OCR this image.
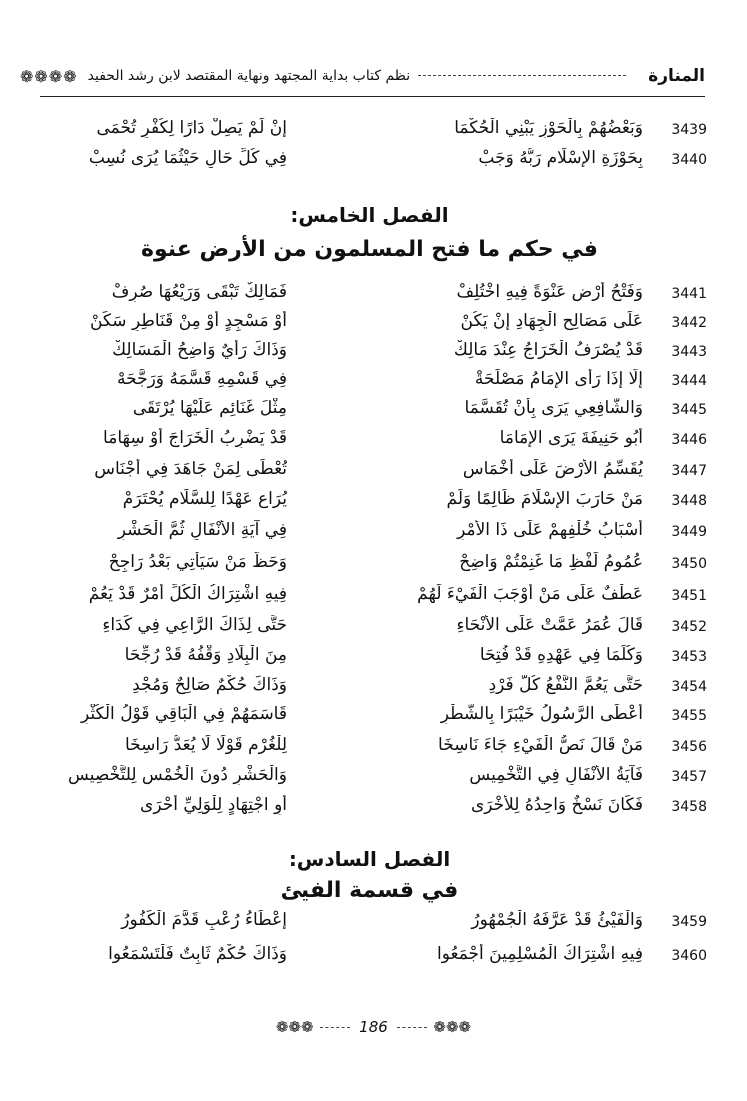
المنارة
نظم كتاب بداية المجتهد ونهاية المقتصد لابن رشد الحفيد
❁❁❁❁
3439
وَبَعْضُهُمْ بِالْحَوْزِ يَبْنِي الْحُكْمَا
إِنْ لَمْ يَصِلْ دَارًا لِكُفْرٍ تُحْمَى
3440
بِحَوْزَةِ الإِسْلَامِ رَبُّهُ وَجَبْ
فِي كُلِّ حَالٍ حَيْثُمَا يُرَى نُسِبْ
الفصل الخامس:
في حكم ما فتح المسلمون من الأرض عنوة
3441
وَفَتْحُ أَرْضٍ عَنْوَةً فِيهِ اخْتُلِفْ
فَمَالِكٌ تَبْقَى وَرَيْعُهَا صُرِفْ
3442
عَلَى مَصَالِحِ الْجِهَادِ إِنْ يَكُنْ
أَوْ مَسْجِدٍ أَوْ مِنْ قَنَاطِرٍ سَكَنْ
3443
قَدْ يُصْرَفُ الْخَرَاجُ عِنْدَ مَالِكْ
وَذَاكَ رَأْيٌ وَاضِحُ الْمَسَالِكْ
3444
إِلَّا إِذَا رَأَى الإِمَامُ مَصْلَحَةْ
فِي قَسْمِهِ قَسَّمَهُ وَرَجَّحَهْ
3445
وَالشَّافِعِي يَرَى بِأَنْ تُقَسَّمَا
مِثْلَ غَنَائِمٍ عَلَيْهَا يُرْتَقَى
3446
أَبُو حَنِيفَةَ يَرَى الإِمَامَا
قَدْ يَضْرِبُ الْخَرَاجَ أَوْ سِهَامَا
3447
يُقَسِّمُ الأَرْضَ عَلَى أَخْمَاسِ
تُعْطَى لِمَنْ جَاهَدَ فِي أَجْنَاسِ
3448
مَنْ حَارَبَ الإِسْلَامَ ظَالِمًا وَلَمْ
يُرَاعِ عَهْدًا لِلسَّلَامِ يُحْتَرَمْ
3449
أَسْبَابُ خُلْفِهِمْ عَلَى ذَا الأَمْرِ
فِي آيَةِ الأَنْفَالِ ثُمَّ الْحَشْرِ
3450
عُمُومُ لَفْظِ مَا غَنِمْتُمْ وَاضِحْ
وَحَظُّ مَنْ سَيَأْتِي بَعْدُ رَاجِحْ
3451
عَطْفٌ عَلَى مَنْ أَوْجَبَ الْفَيْءَ لَهُمْ
فِيهِ اشْتِرَاكُ الْكُلِّ أَمْرٌ قَدْ يَعُمْ
3452
قَالَ عُمَرُ عَمَّتْ عَلَى الأَنْحَاءِ
حَتَّى لِذَاكَ الرَّاعِي فِي كَدَاءِ
3453
وَكُلِّمَا فِي عَهْدِهِ قَدْ فُتِحَا
مِنَ الْبِلَادِ وَقْفُهُ قَدْ رُجِّحَا
3454
حَتَّى يَعُمَّ النَّفْعُ كُلَّ فَرْدِ
وَذَاكَ حُكْمٌ صَالِحٌ وَمُجْدِ
3455
أَعْطَى الرَّسُولُ خَيْبَرًا بِالشَّطْرِ
قَاسَمَهُمْ فِي الْبَاقِي قَوْلُ الْكُثْرِ
3456
مَنْ قَالَ نَصُّ الْفَيْءِ جَاءَ نَاسِخَا
لِلْغُرْمِ قَوْلًا لَا يُعَدُّ رَاسِخَا
3457
فَآيَةُ الأَنْفَالِ فِي التَّخْمِيسِ
وَالْحَشْرِ دُونَ الْخُمْسِ لِلتَّخْصِيسِ
3458
فَكَانَ نَسْخٌ وَاحِدُهُ لِلأُخْرَى
أَوِ اجْتِهَادٍ لِلْوَلِيِّ أَحْرَى
الفصل السادس:
في قسمة الفيئ
3459
وَالْفَيْئُ قَدْ عَرَّفَهُ الْجُمْهُورُ
إِعْطَاءُ رُعْبٍ قَدَّمَ الْكَفُورُ
3460
فِيهِ اشْتِرَاكُ الْمُسْلِمِينَ أَجْمَعُوا
وَذَاكَ حُكْمٌ ثَابِتٌ فَلْتَسْمَعُوا
❁❁❁	186	❁❁❁
